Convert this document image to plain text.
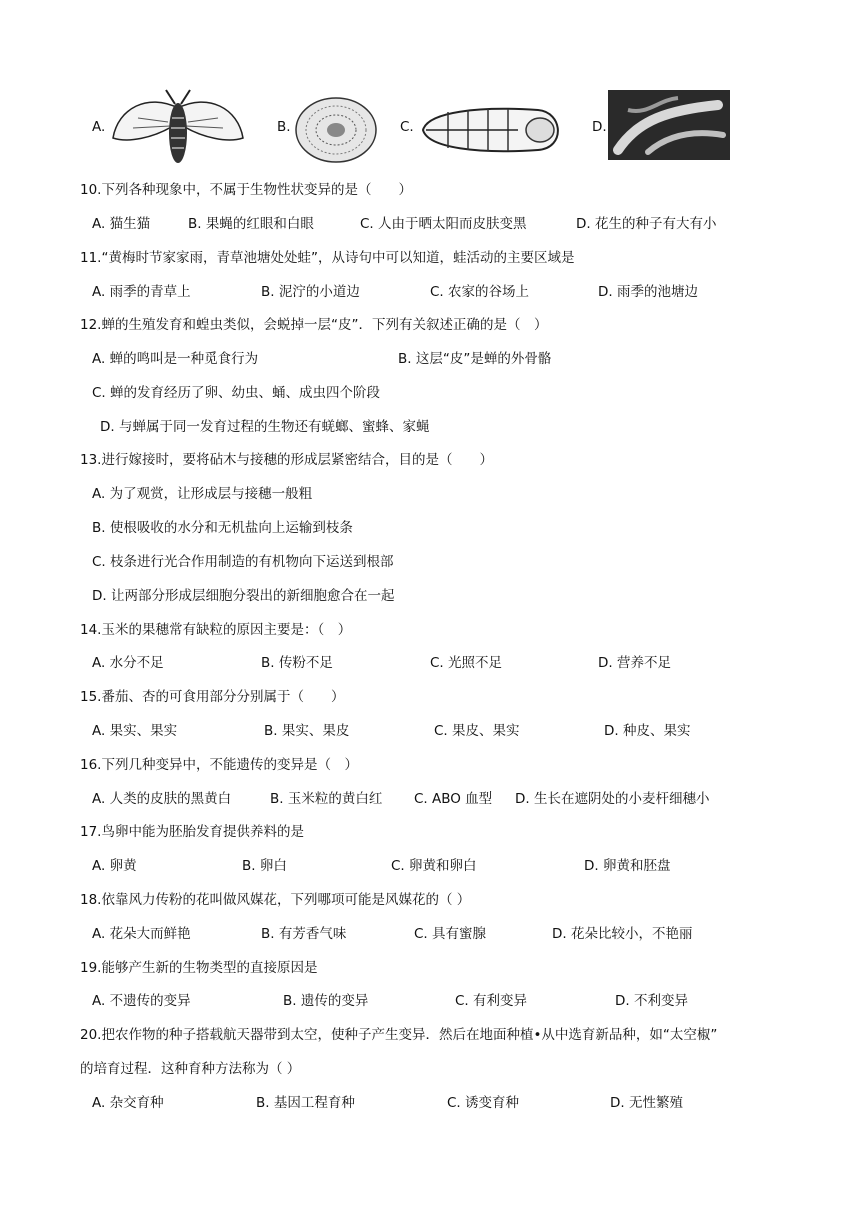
A.	B.	C.	D.
10.下列各种现象中，不属于生物性状变异的是（　　）
A. 猫生猫	B. 果蝇的红眼和白眼	C. 人由于晒太阳而皮肤变黑	D. 花生的种子有大有小
11.“黄梅时节家家雨，青草池塘处处蛙”，从诗句中可以知道，蛙活动的主要区域是
A. 雨季的青草上	B. 泥泞的小道边	C. 农家的谷场上	D. 雨季的池塘边
12.蝉的生殖发育和蝗虫类似，会蜕掉一层“皮”．下列有关叙述正确的是（　）
A. 蝉的鸣叫是一种觅食行为	B. 这层“皮”是蝉的外骨骼
C. 蝉的发育经历了卵、幼虫、蛹、成虫四个阶段
D. 与蝉属于同一发育过程的生物还有蜣螂、蜜蜂、家蝇
13.进行嫁接时，要将砧木与接穗的形成层紧密结合，目的是（　　）
A. 为了观赏，让形成层与接穗一般粗
B. 使根吸收的水分和无机盐向上运输到枝条
C. 枝条进行光合作用制造的有机物向下运送到根部
D. 让两部分形成层细胞分裂出的新细胞愈合在一起
14.玉米的果穗常有缺粒的原因主要是：（　）
A. 水分不足	B. 传粉不足	C. 光照不足	D. 营养不足
15.番茄、杏的可食用部分分别属于（　　）
A. 果实、果实	B. 果实、果皮	C. 果皮、果实	D. 种皮、果实
16.下列几种变异中，不能遗传的变异是（　）
A. 人类的皮肤的黑黄白	B. 玉米粒的黄白红 C. ABO 血型 D. 生长在遮阴处的小麦杆细穗小
17.鸟卵中能为胚胎发育提供养料的是
A. 卵黄	B. 卵白	C. 卵黄和卵白	D. 卵黄和胚盘
18.依靠风力传粉的花叫做风媒花，下列哪项可能是风媒花的（ ）
A. 花朵大而鲜艳	B. 有芳香气味	C. 具有蜜腺	D. 花朵比较小，不艳丽
19.能够产生新的生物类型的直接原因是
A. 不遗传的变异	B. 遗传的变异	C. 有利变异	D. 不利变异
20.把农作物的种子搭载航天器带到太空，使种子产生变异．然后在地面种植•从中选育新品种，如“太空椒”
的培育过程．这种育种方法称为（ ）
A. 杂交育种	B. 基因工程育种	C. 诱变育种	D. 无性繁殖
